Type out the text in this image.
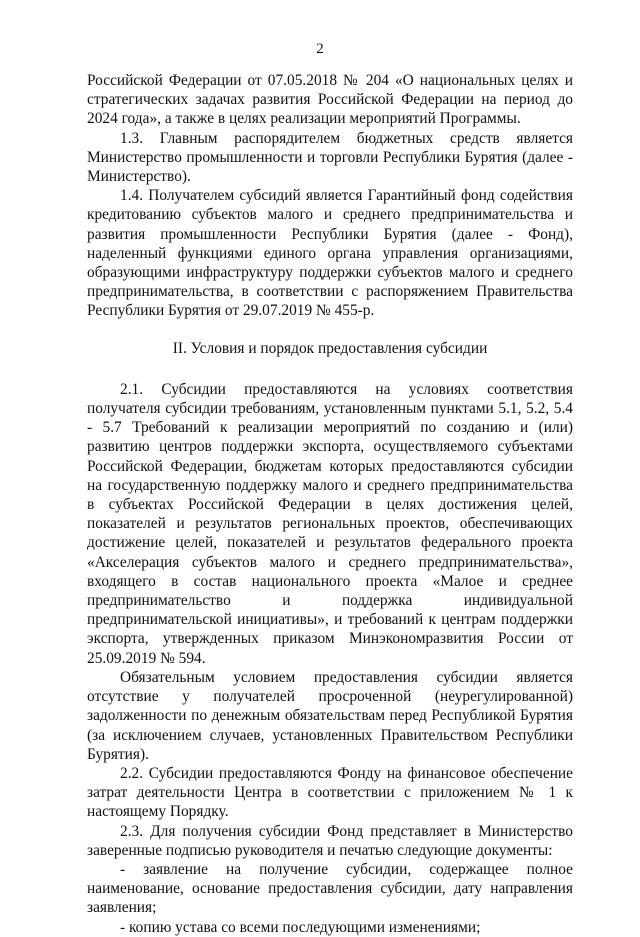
2

Российской Федерации от 07.05.2018 № 204 «О национальных целях и стратегических задачах развития Российской Федерации на период до 2024 года», а также в целях реализации мероприятий Программы.

1.3. Главным распорядителем бюджетных средств является Министерство промышленности и торговли Республики Бурятия (далее - Министерство).

1.4. Получателем субсидий является Гарантийный фонд содействия кредитованию субъектов малого и среднего предпринимательства и развития промышленности Республики Бурятия (далее - Фонд), наделенный функциями единого органа управления организациями, образующими инфраструктуру поддержки субъектов малого и среднего предпринимательства, в соответствии с распоряжением Правительства Республики Бурятия от 29.07.2019 № 455-р.

II. Условия и порядок предоставления субсидии

2.1. Субсидии предоставляются на условиях соответствия получателя субсидии требованиям, установленным пунктами 5.1, 5.2, 5.4 - 5.7 Требований к реализации мероприятий по созданию и (или) развитию центров поддержки экспорта, осуществляемого субъектами Российской Федерации, бюджетам которых предоставляются субсидии на государственную поддержку малого и среднего предпринимательства в субъектах Российской Федерации в целях достижения целей, показателей и результатов региональных проектов, обеспечивающих достижение целей, показателей и результатов федерального проекта «Акселерация субъектов малого и среднего предпринимательства», входящего в состав национального проекта «Малое и среднее предпринимательство и поддержка индивидуальной предпринимательской инициативы», и требований к центрам поддержки экспорта, утвержденных приказом Минэкономразвития России от 25.09.2019 № 594.

Обязательным условием предоставления субсидии является отсутствие у получателей просроченной (неурегулированной) задолженности по денежным обязательствам перед Республикой Бурятия (за исключением случаев, установленных Правительством Республики Бурятия).

2.2. Субсидии предоставляются Фонду на финансовое обеспечение затрат деятельности Центра в соответствии с приложением № 1 к настоящему Порядку.

2.3. Для получения субсидии Фонд представляет в Министерство заверенные подписью руководителя и печатью следующие документы:

- заявление на получение субсидии, содержащее полное наименование, основание предоставления субсидии, дату направления заявления;

- копию устава со всеми последующими изменениями;
